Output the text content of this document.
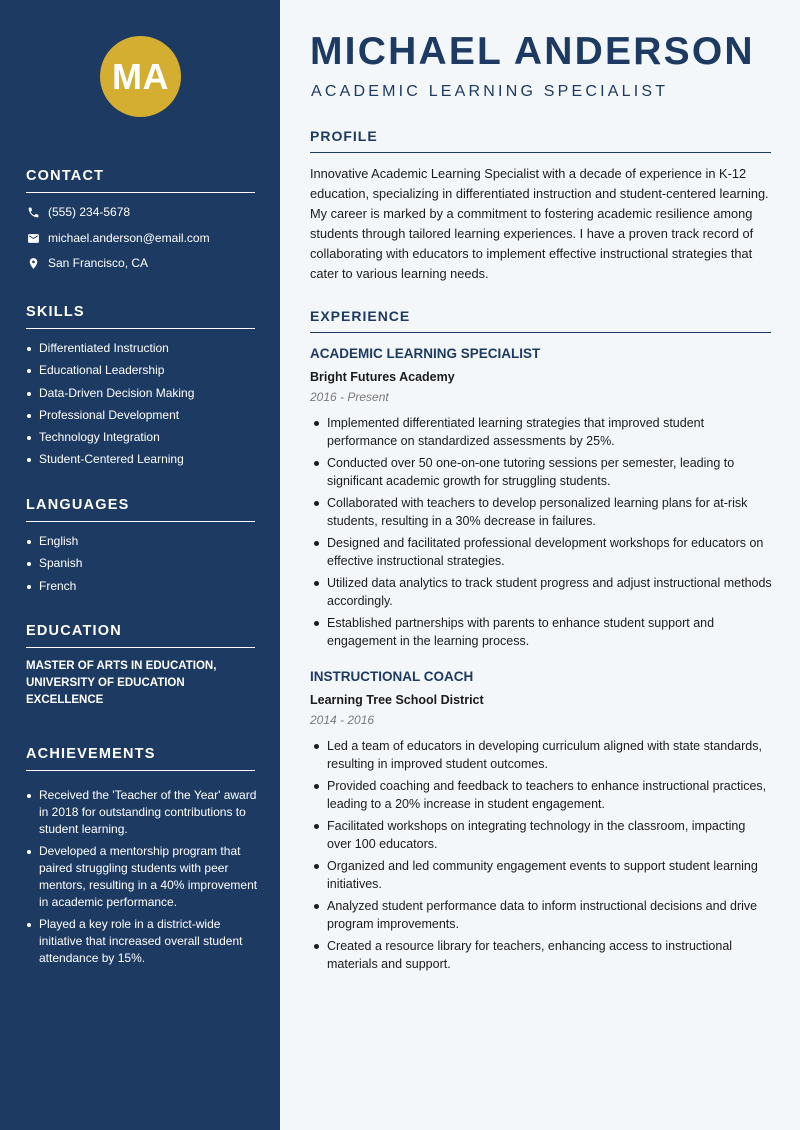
MA
CONTACT
(555) 234-5678
michael.anderson@email.com
San Francisco, CA
SKILLS
Differentiated Instruction
Educational Leadership
Data-Driven Decision Making
Professional Development
Technology Integration
Student-Centered Learning
LANGUAGES
English
Spanish
French
EDUCATION
MASTER OF ARTS IN EDUCATION, UNIVERSITY OF EDUCATION EXCELLENCE
ACHIEVEMENTS
Received the 'Teacher of the Year' award in 2018 for outstanding contributions to student learning.
Developed a mentorship program that paired struggling students with peer mentors, resulting in a 40% improvement in academic performance.
Played a key role in a district-wide initiative that increased overall student attendance by 15%.
MICHAEL ANDERSON
ACADEMIC LEARNING SPECIALIST
PROFILE
Innovative Academic Learning Specialist with a decade of experience in K-12 education, specializing in differentiated instruction and student-centered learning. My career is marked by a commitment to fostering academic resilience among students through tailored learning experiences. I have a proven track record of collaborating with educators to implement effective instructional strategies that cater to various learning needs.
EXPERIENCE
ACADEMIC LEARNING SPECIALIST
Bright Futures Academy
2016 - Present
Implemented differentiated learning strategies that improved student performance on standardized assessments by 25%.
Conducted over 50 one-on-one tutoring sessions per semester, leading to significant academic growth for struggling students.
Collaborated with teachers to develop personalized learning plans for at-risk students, resulting in a 30% decrease in failures.
Designed and facilitated professional development workshops for educators on effective instructional strategies.
Utilized data analytics to track student progress and adjust instructional methods accordingly.
Established partnerships with parents to enhance student support and engagement in the learning process.
INSTRUCTIONAL COACH
Learning Tree School District
2014 - 2016
Led a team of educators in developing curriculum aligned with state standards, resulting in improved student outcomes.
Provided coaching and feedback to teachers to enhance instructional practices, leading to a 20% increase in student engagement.
Facilitated workshops on integrating technology in the classroom, impacting over 100 educators.
Organized and led community engagement events to support student learning initiatives.
Analyzed student performance data to inform instructional decisions and drive program improvements.
Created a resource library for teachers, enhancing access to instructional materials and support.
